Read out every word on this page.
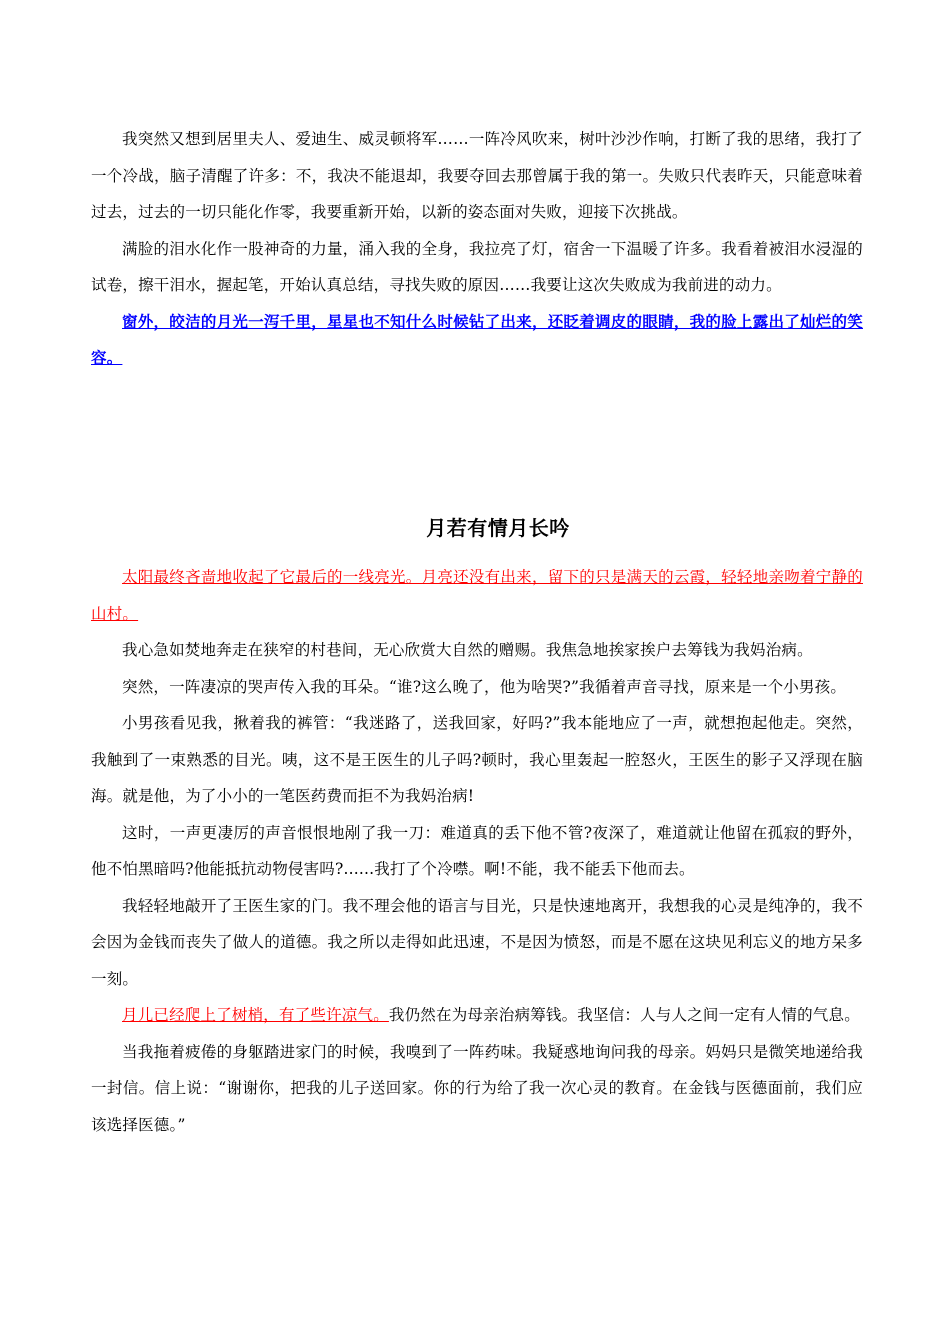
我突然又想到居里夫人、爱迪生、威灵顿将军……一阵冷风吹来，树叶沙沙作响，打断了我的思绪，我打了一个冷战，脑子清醒了许多：不，我决不能退却，我要夺回去那曾属于我的第一。失败只代表昨天，只能意味着过去，过去的一切只能化作零，我要重新开始，以新的姿态面对失败，迎接下次挑战。

满脸的泪水化作一股神奇的力量，涌入我的全身，我拉亮了灯，宿舍一下温暖了许多。我看着被泪水浸湿的试卷，擦干泪水，握起笔，开始认真总结，寻找失败的原因……我要让这次失败成为我前进的动力。

窗外，皎洁的月光一泻千里，星星也不知什么时候钻了出来，还眨着调皮的眼睛，我的脸上露出了灿烂的笑容。

月若有情月长吟

太阳最终吝啬地收起了它最后的一线亮光。月亮还没有出来，留下的只是满天的云霞，轻轻地亲吻着宁静的山村。

我心急如焚地奔走在狭窄的村巷间，无心欣赏大自然的赠赐。我焦急地挨家挨户去筹钱为我妈治病。

突然，一阵凄凉的哭声传入我的耳朵。“谁?这么晚了，他为啥哭?”我循着声音寻找，原来是一个小男孩。

小男孩看见我，揪着我的裤管：“我迷路了，送我回家，好吗?”我本能地应了一声，就想抱起他走。突然，我触到了一束熟悉的目光。咦，这不是王医生的儿子吗?顿时，我心里轰起一腔怒火，王医生的影子又浮现在脑海。就是他，为了小小的一笔医药费而拒不为我妈治病!

这时，一声更凄厉的声音恨恨地剐了我一刀：难道真的丢下他不管?夜深了，难道就让他留在孤寂的野外，他不怕黑暗吗?他能抵抗动物侵害吗?......我打了个冷噤。啊!不能，我不能丢下他而去。

我轻轻地敲开了王医生家的门。我不理会他的语言与目光，只是快速地离开，我想我的心灵是纯净的，我不会因为金钱而丧失了做人的道德。我之所以走得如此迅速，不是因为愤怒，而是不愿在这块见利忘义的地方呆多一刻。

月儿已经爬上了树梢，有了些许凉气。我仍然在为母亲治病筹钱。我坚信：人与人之间一定有人情的气息。

当我拖着疲倦的身躯踏进家门的时候，我嗅到了一阵药味。我疑惑地询问我的母亲。妈妈只是微笑地递给我一封信。信上说：“谢谢你，把我的儿子送回家。你的行为给了我一次心灵的教育。在金钱与医德面前，我们应该选择医德。”
